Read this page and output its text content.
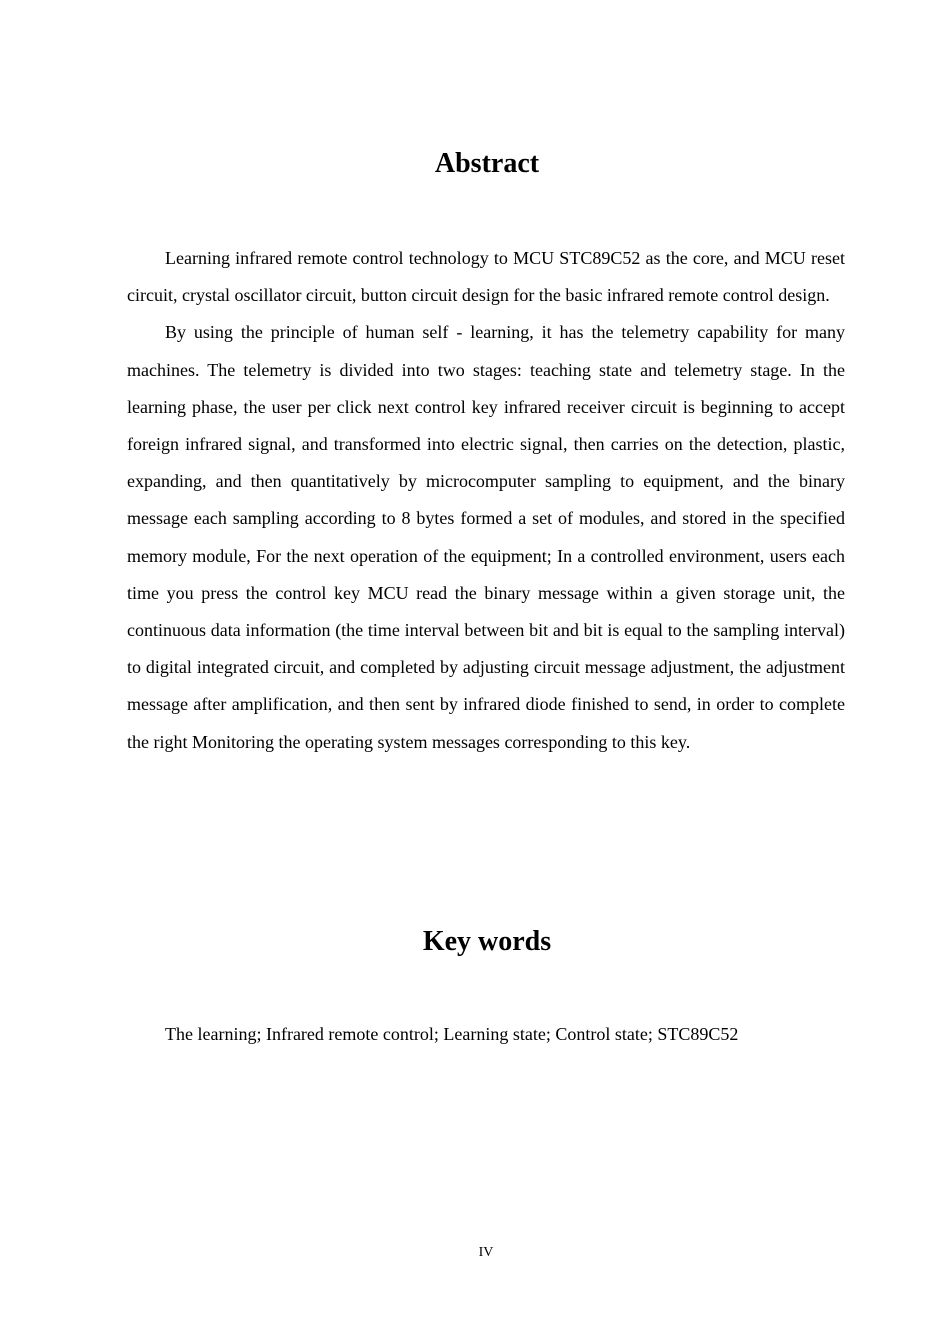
Abstract

Learning infrared remote control technology to MCU STC89C52 as the core, and MCU reset circuit, crystal oscillator circuit, button circuit design for the basic infrared remote control design.

By using the principle of human self - learning, it has the telemetry capability for many machines. The telemetry is divided into two stages: teaching state and telemetry stage. In the learning phase, the user per click next control key infrared receiver circuit is beginning to accept foreign infrared signal, and transformed into electric signal, then carries on the detection, plastic, expanding, and then quantitatively by microcomputer sampling to equipment, and the binary message each sampling according to 8 bytes formed a set of modules, and stored in the specified memory module, For the next operation of the equipment; In a controlled environment, users each time you press the control key MCU read the binary message within a given storage unit, the continuous data information (the time interval between bit and bit is equal to the sampling interval) to digital integrated circuit, and completed by adjusting circuit message adjustment, the adjustment message after amplification, and then sent by infrared diode finished to send, in order to complete the right Monitoring the operating system messages corresponding to this key.

Key words

The learning; Infrared remote control; Learning state; Control state; STC89C52

IV
